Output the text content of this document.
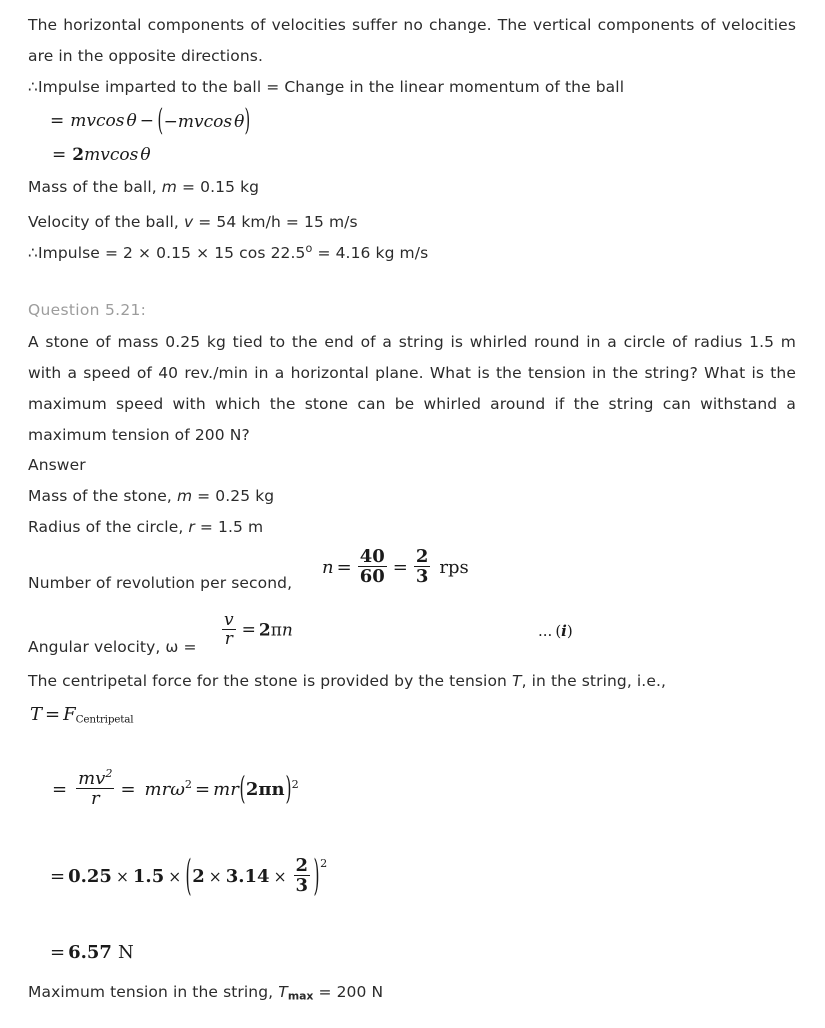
The horizontal components of velocities suffer no change. The vertical components of velocities are in the opposite directions.
∴Impulse imparted to the ball = Change in the linear momentum of the ball
= mvcos θ − (−mvcos θ)
= 2mvcos θ
Mass of the ball, m = 0.15 kg
Velocity of the ball, v = 54 km/h = 15 m/s
∴Impulse = 2 × 0.15 × 15 $\cos 22.5^o = 4.16$ kg m/s
Question 5.21:
A stone of mass 0.25 kg tied to the end of a string is whirled round in a circle of radius 1.5 m with a speed of 40 rev./min in a horizontal plane. What is the tension in the string? What is the maximum speed with which the stone can be whirled around if the string can withstand a maximum tension of 200 N?
Answer
Mass of the stone, m = 0.25 kg
Radius of the circle, r = 1.5 m
Number of revolution per second,
$n = \frac{40}{60} = \frac{2}{3}$ rps
Angular velocity, $\omega = \frac{v}{r} = 2\pi n$	... (i)
The centripetal force for the stone is provided by the tension T, in the string, i.e.,
$T = F_{Centripetal}$
= $\frac{mv^2}{r} = mr\omega^2 = mr(2\pi n)^2$
= $0.25 \times 1.5 \times (2 \times 3.14 \times \frac{2}{3} )^2$
= 6.57 N
Maximum tension in the string, $T_{max} = 200$ N
